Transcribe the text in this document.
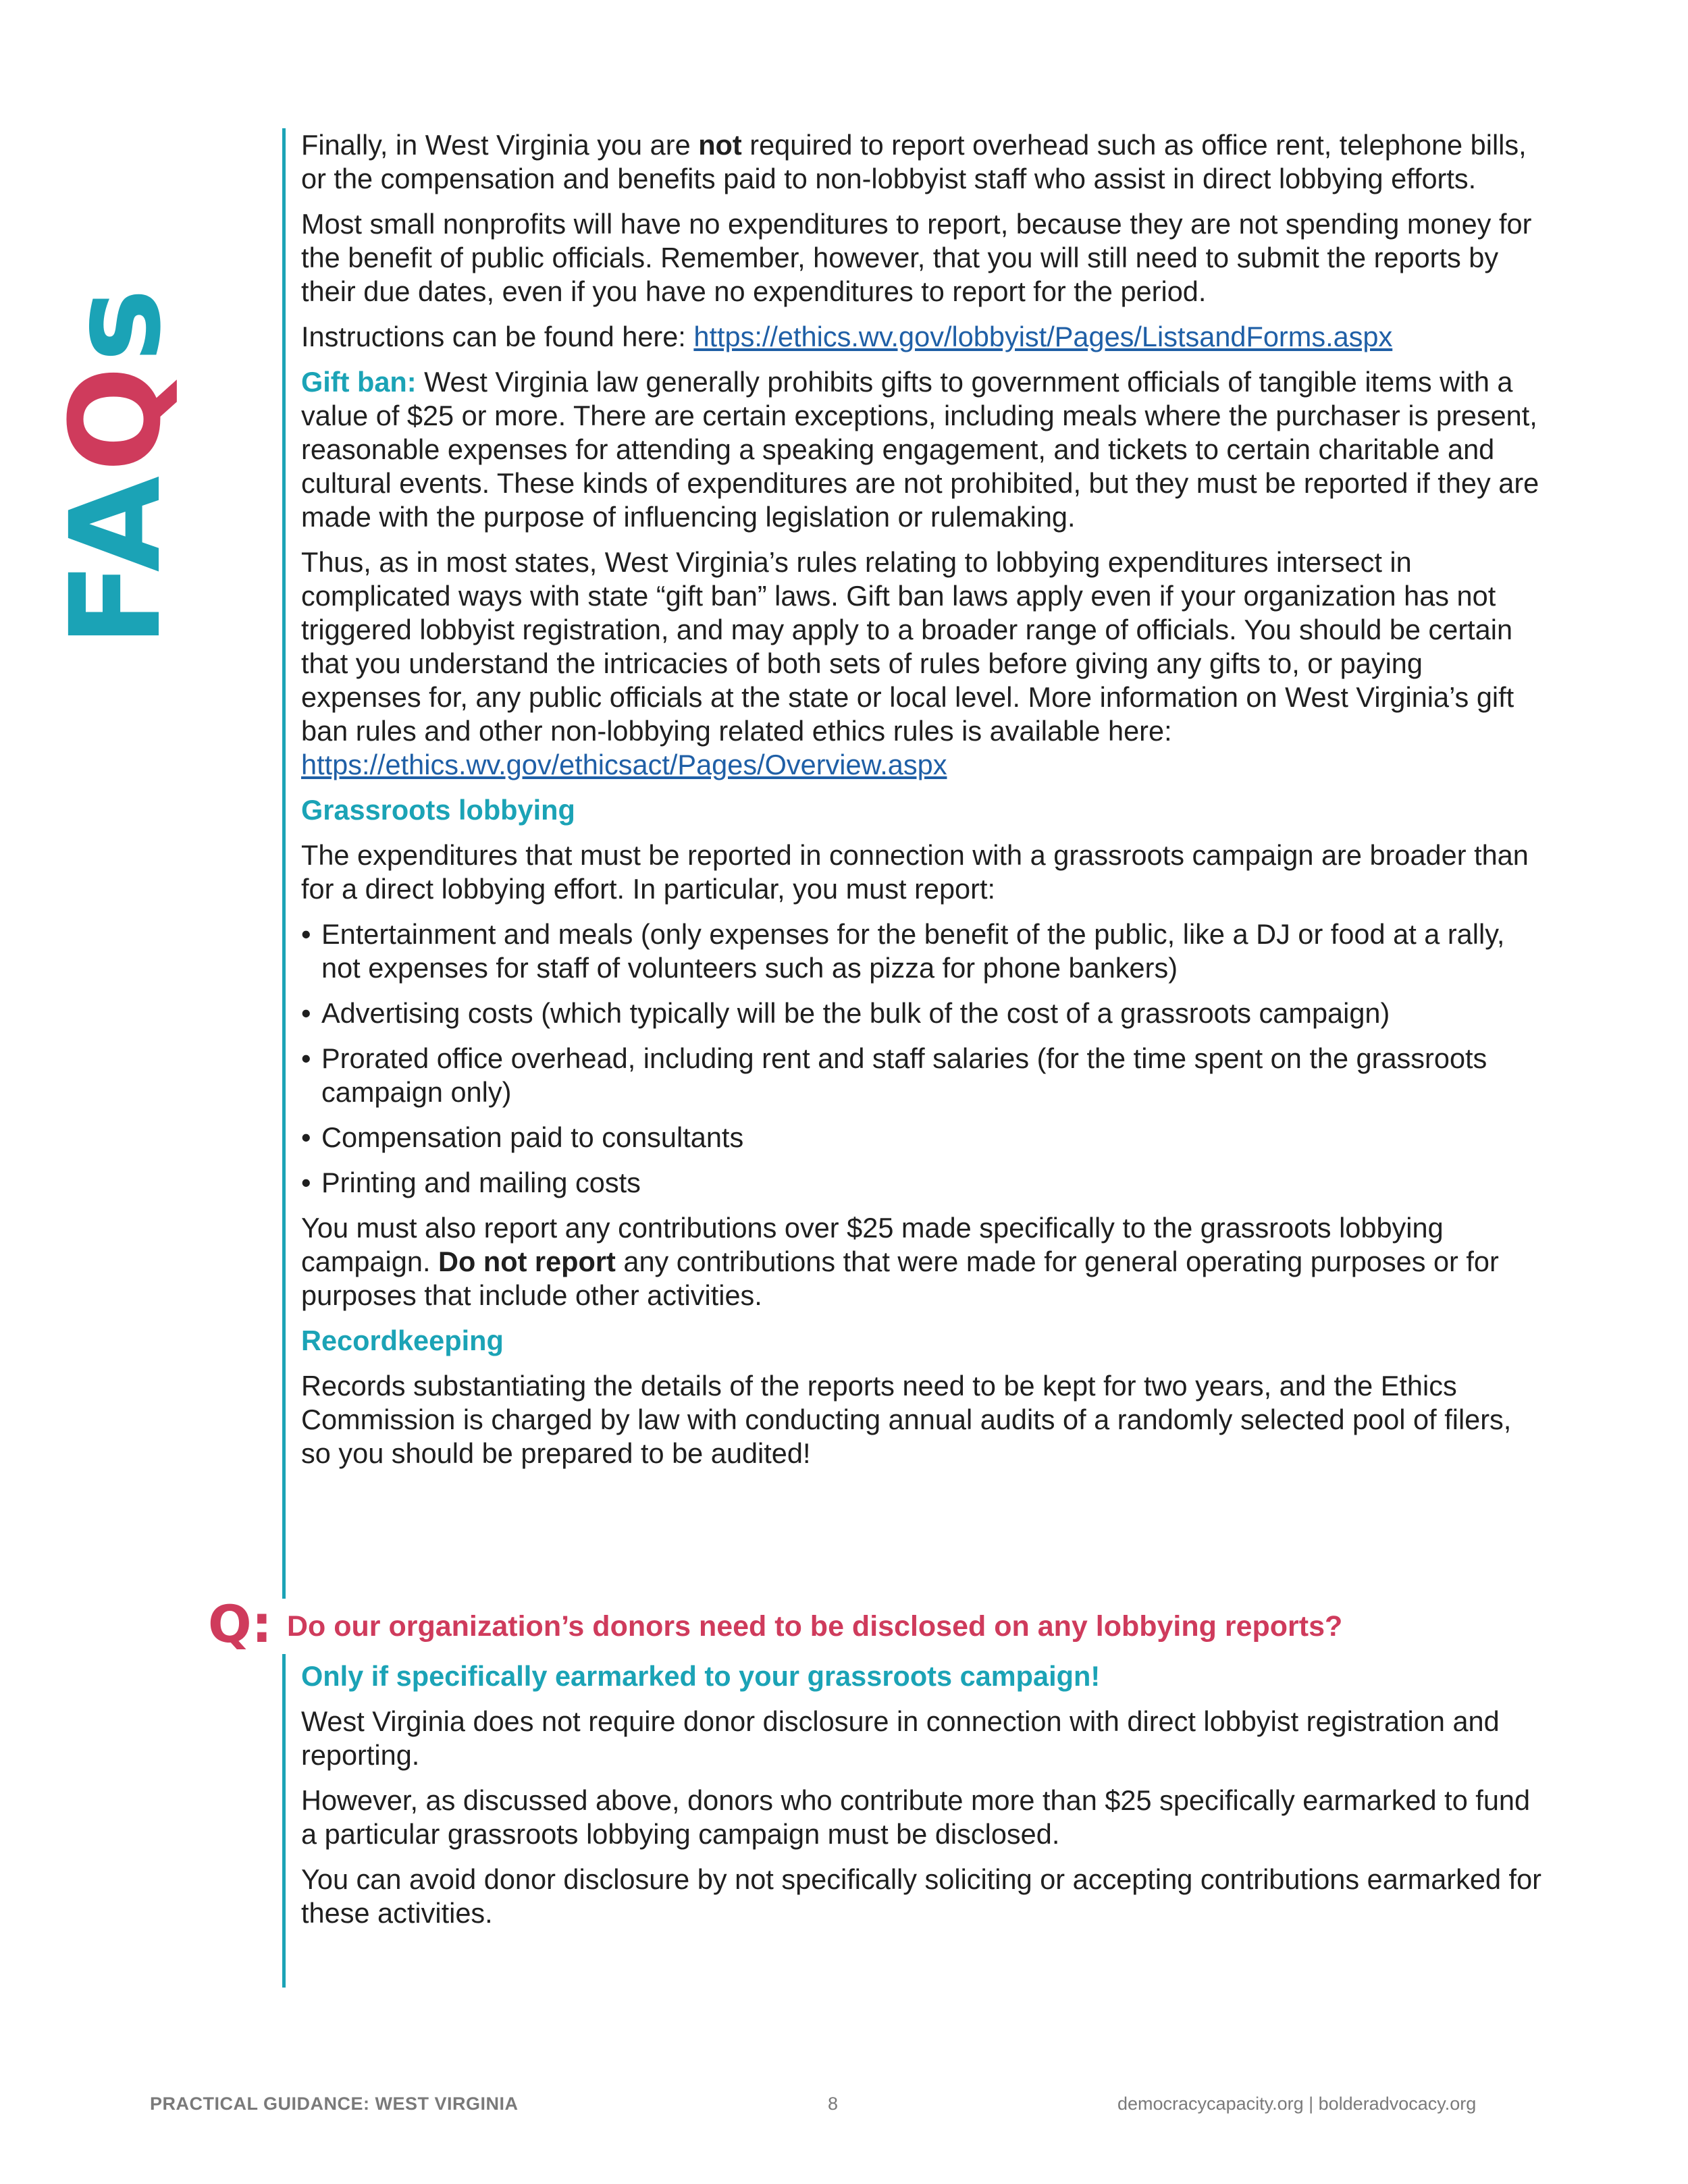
FAQs

Finally, in West Virginia you are not required to report overhead such as office rent, telephone bills, or the compensation and benefits paid to non-lobbyist staff who assist in direct lobbying efforts.

Most small nonprofits will have no expenditures to report, because they are not spending money for the benefit of public officials. Remember, however, that you will still need to submit the reports by their due dates, even if you have no expenditures to report for the period.

Instructions can be found here: https://ethics.wv.gov/lobbyist/Pages/ListsandForms.aspx

Gift ban: West Virginia law generally prohibits gifts to government officials of tangible items with a value of $25 or more. There are certain exceptions, including meals where the purchaser is present, reasonable expenses for attending a speaking engagement, and tickets to certain charitable and cultural events. These kinds of expenditures are not prohibited, but they must be reported if they are made with the purpose of influencing legislation or rulemaking.

Thus, as in most states, West Virginia’s rules relating to lobbying expenditures intersect in complicated ways with state “gift ban” laws. Gift ban laws apply even if your organization has not triggered lobbyist registration, and may apply to a broader range of officials. You should be certain that you understand the intricacies of both sets of rules before giving any gifts to, or paying expenses for, any public officials at the state or local level. More information on West Virginia’s gift ban rules and other non-lobbying related ethics rules is available here: https://ethics.wv.gov/ethicsact/Pages/Overview.aspx

Grassroots lobbying

The expenditures that must be reported in connection with a grassroots campaign are broader than for a direct lobbying effort. In particular, you must report:

• Entertainment and meals (only expenses for the benefit of the public, like a DJ or food at a rally, not expenses for staff of volunteers such as pizza for phone bankers)
• Advertising costs (which typically will be the bulk of the cost of a grassroots campaign)
• Prorated office overhead, including rent and staff salaries (for the time spent on the grassroots campaign only)
• Compensation paid to consultants
• Printing and mailing costs

You must also report any contributions over $25 made specifically to the grassroots lobbying campaign. Do not report any contributions that were made for general operating purposes or for purposes that include other activities.

Recordkeeping

Records substantiating the details of the reports need to be kept for two years, and the Ethics Commission is charged by law with conducting annual audits of a randomly selected pool of filers, so you should be prepared to be audited!

Q: Do our organization’s donors need to be disclosed on any lobbying reports?
Only if specifically earmarked to your grassroots campaign!

West Virginia does not require donor disclosure in connection with direct lobbyist registration and reporting.

However, as discussed above, donors who contribute more than $25 specifically earmarked to fund a particular grassroots lobbying campaign must be disclosed.

You can avoid donor disclosure by not specifically soliciting or accepting contributions earmarked for these activities.

PRACTICAL GUIDANCE: WEST VIRGINIA	8	democracycapacity.org | bolderadvocacy.org
